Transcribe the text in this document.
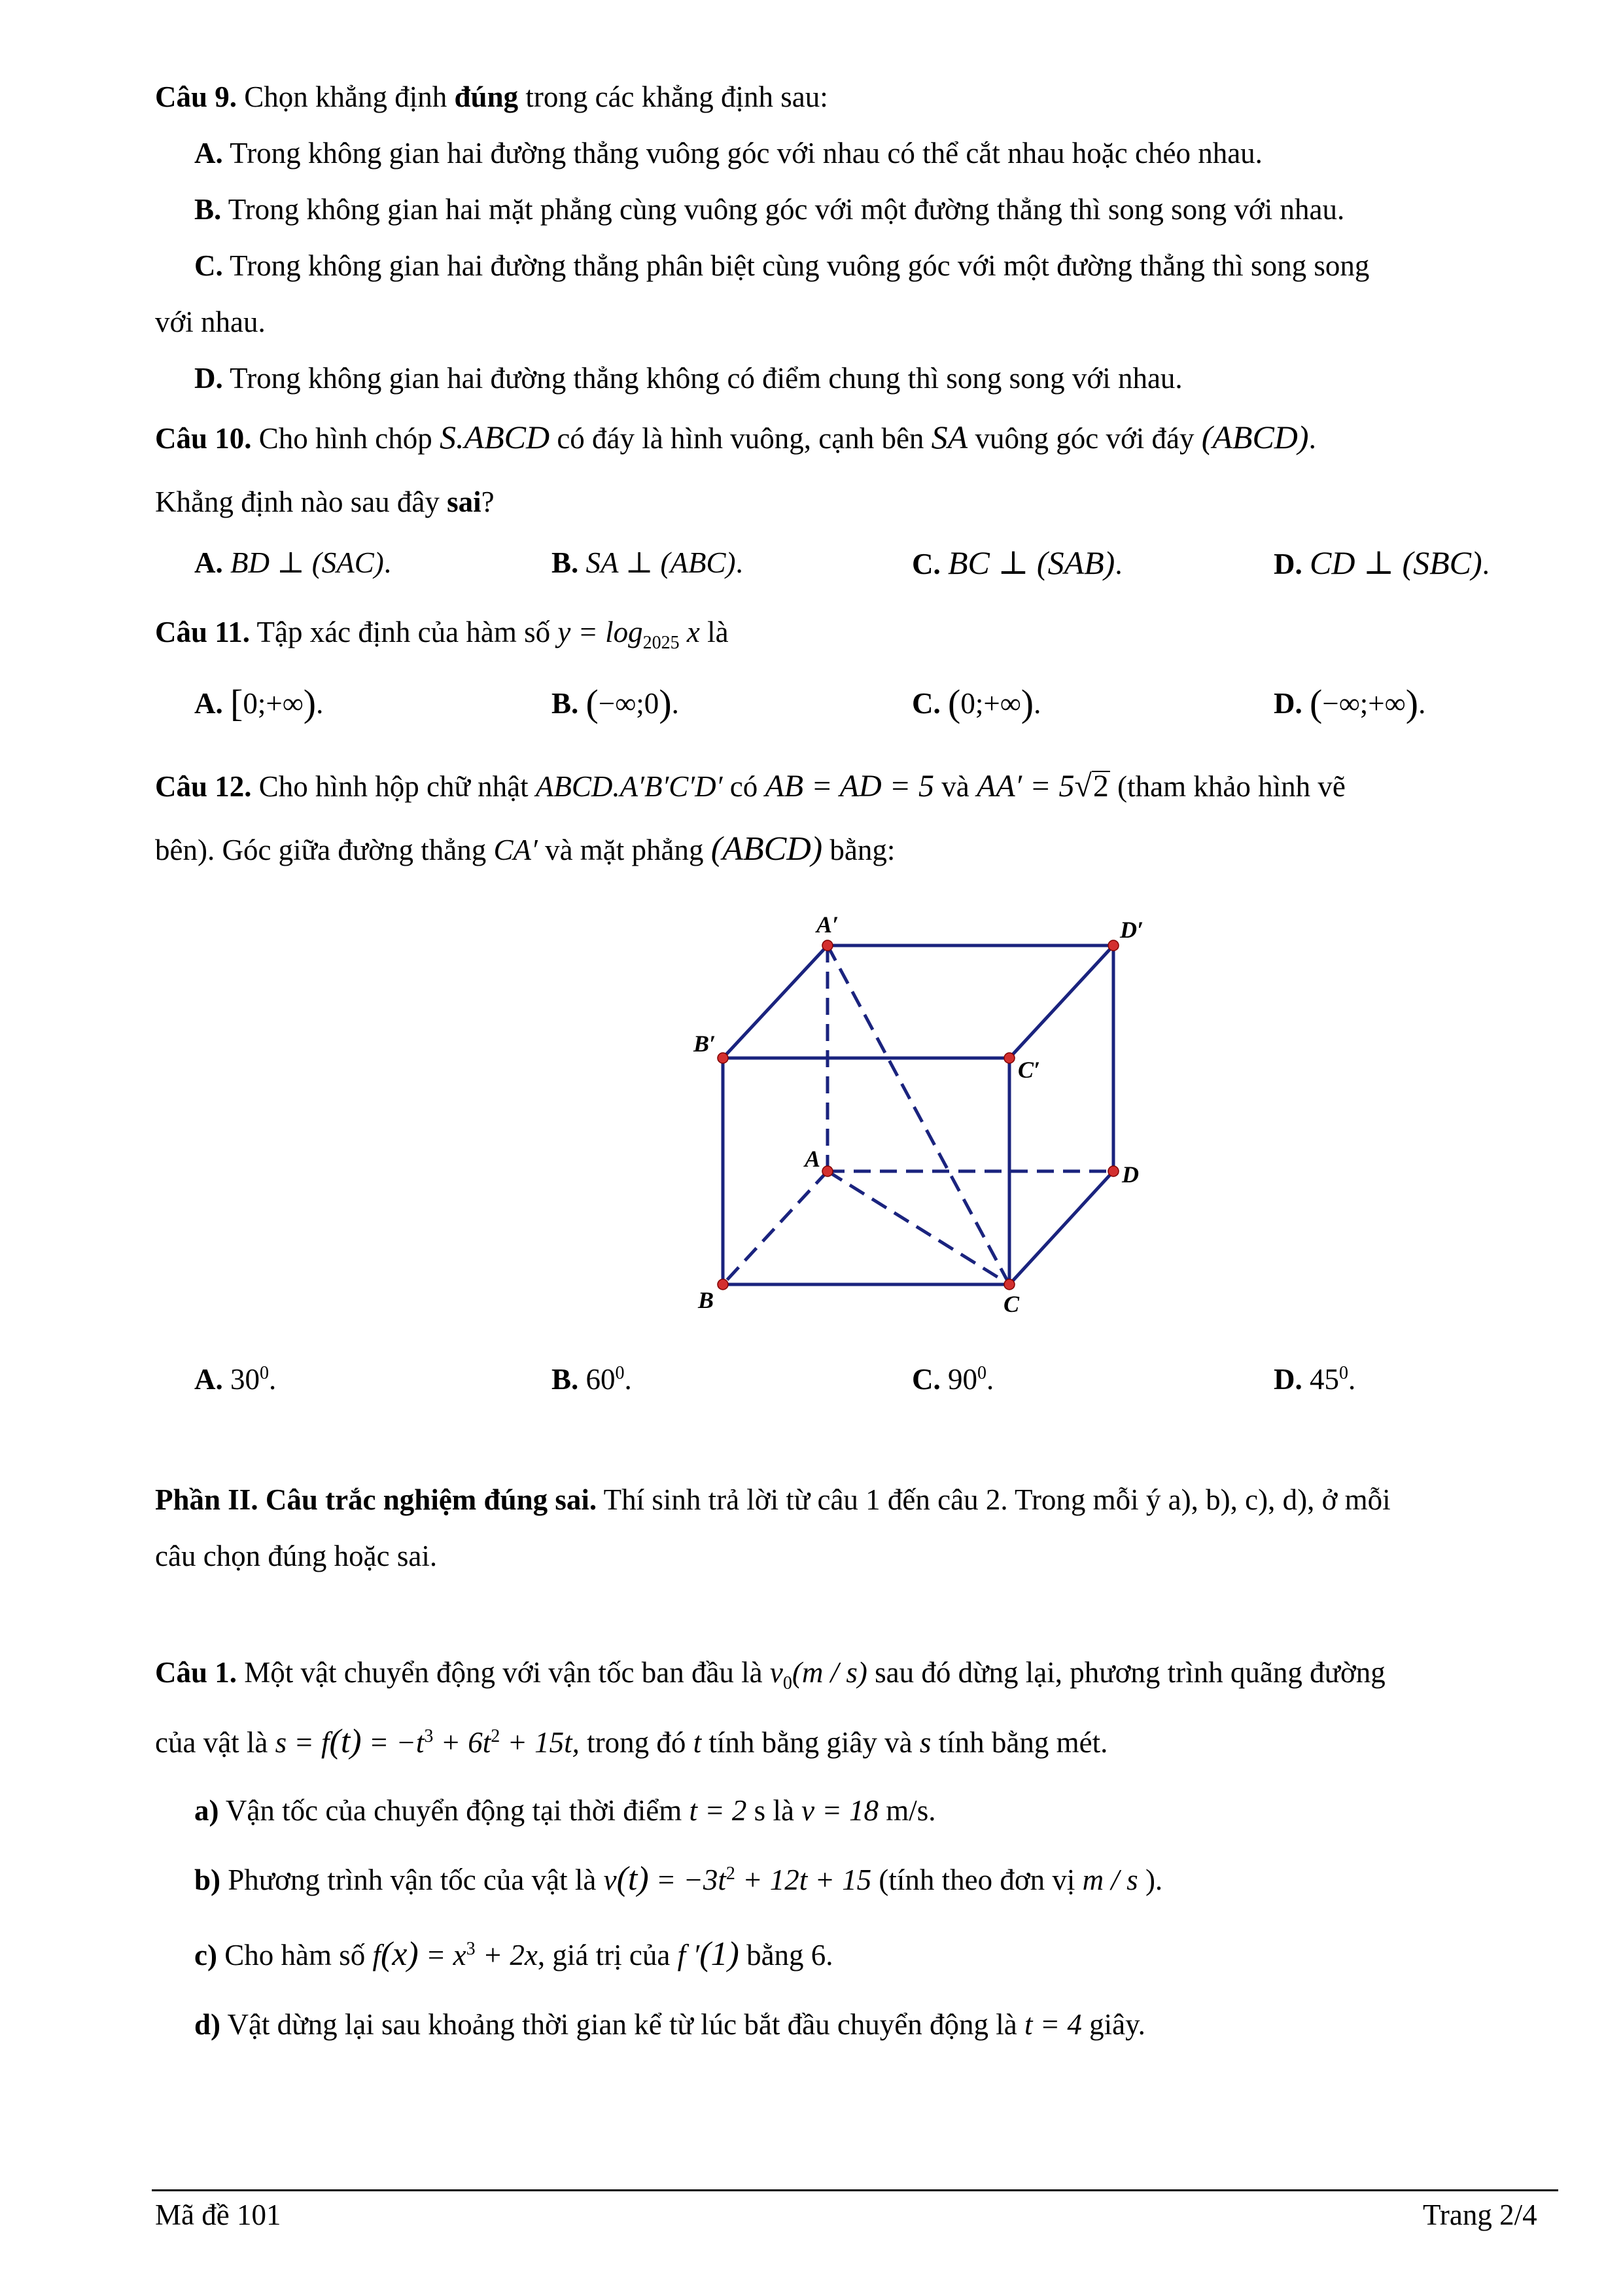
Câu 9. Chọn khẳng định đúng trong các khẳng định sau:
A. Trong không gian hai đường thẳng vuông góc với nhau có thể cắt nhau hoặc chéo nhau.
B. Trong không gian hai mặt phẳng cùng vuông góc với một đường thẳng thì song song với nhau.
C. Trong không gian hai đường thẳng phân biệt cùng vuông góc với một đường thẳng thì song song
với nhau.
D. Trong không gian hai đường thẳng không có điểm chung thì song song với nhau.
Câu 10. Cho hình chóp S.ABCD có đáy là hình vuông, cạnh bên SA vuông góc với đáy (ABCD).
Khẳng định nào sau đây sai?
A. BD ⊥ (SAC).	B. SA ⊥ (ABC).	C. BC ⊥ (SAB).	D. CD ⊥ (SBC).
Câu 11. Tập xác định của hàm số $y = \log_{2025} x$ là
A. [0;+∞).	B. (−∞;0).	C. (0;+∞).	D. (−∞;+∞).
Câu 12. Cho hình hộp chữ nhật ABCD.A′B′C′D′ có AB = AD = 5 và AA′ = 5√2 (tham khảo hình vẽ
bên). Góc giữa đường thẳng CA′ và mặt phẳng (ABCD) bằng:
A′	D′
B′
C′
A
D
B	C
A. $30^0$.	B. $60^0$.	C. $90^0$.	D. $45^0$.
Phần II. Câu trắc nghiệm đúng sai. Thí sinh trả lời từ câu 1 đến câu 2. Trong mỗi ý a), b), c), d), ở mỗi
câu chọn đúng hoặc sai.
Câu 1. Một vật chuyển động với vận tốc ban đầu là $v_0(m / s)$ sau đó dừng lại, phương trình quãng đường
của vật là $s = f(t) = -t^3 + 6t^2 + 15t$, trong đó t tính bằng giây và s tính bằng mét.
a) Vận tốc của chuyển động tại thời điểm t = 2 s là v = 18 m/s.
b) Phương trình vận tốc của vật là $v(t) = -3t^2 + 12t + 15$ (tính theo đơn vị m / s ).
c) Cho hàm số $f(x) = x^3 + 2x$, giá trị của f ′(1) bằng 6.
d) Vật dừng lại sau khoảng thời gian kể từ lúc bắt đầu chuyển động là t = 4 giây.
Mã đề 101	Trang 2/4
